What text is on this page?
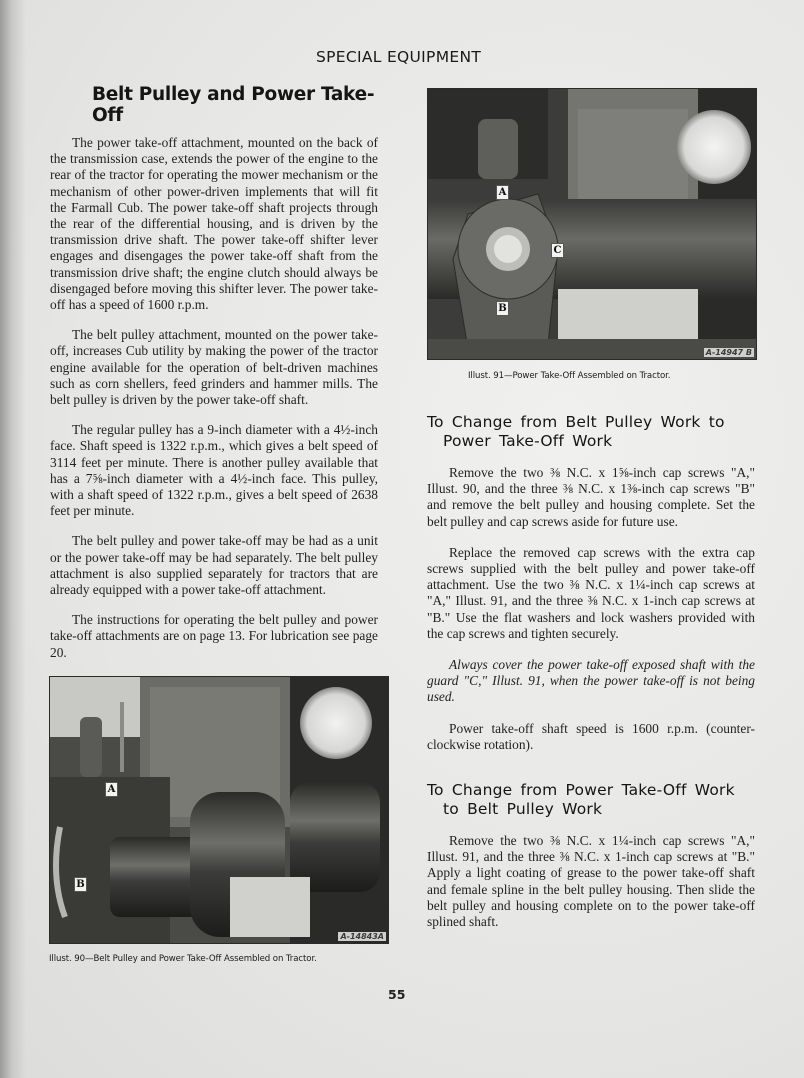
SPECIAL EQUIPMENT
Belt Pulley and Power Take-Off

The power take-off attachment, mounted on the back of the transmission case, extends the power of the engine to the rear of the tractor for operating the mower mechanism or the mechanism of other power-driven implements that will fit the Farmall Cub. The power take-off shaft projects through the rear of the differential housing, and is driven by the transmission drive shaft. The power take-off shifter lever engages and disengages the power take-off shaft from the transmission drive shaft; the engine clutch should always be disengaged before moving this shifter lever. The power take-off has a speed of 1600 r.p.m.

The belt pulley attachment, mounted on the power take-off, increases Cub utility by making the power of the tractor engine available for the operation of belt-driven machines such as corn shellers, feed grinders and hammer mills. The belt pulley is driven by the power take-off shaft.

The regular pulley has a 9-inch diameter with a 4½-inch face. Shaft speed is 1322 r.p.m., which gives a belt speed of 3114 feet per minute. There is another pulley available that has a 7⅝-inch diameter with a 4½-inch face. This pulley, with a shaft speed of 1322 r.p.m., gives a belt speed of 2638 feet per minute.

The belt pulley and power take-off may be had as a unit or the power take-off may be had separately. The belt pulley attachment is also supplied separately for tractors that are already equipped with a power take-off attachment.

The instructions for operating the belt pulley and power take-off attachments are on page 13. For lubrication see page 20.

A
B
A-14843A
Illust. 90—Belt Pulley and Power Take-Off Assembled on Tractor.
A
B
C
A-14947 B
Illust. 91—Power Take-Off Assembled on Tractor.
To Change from Belt Pulley Work to Power Take-Off Work

Remove the two ⅜ N.C. x 1⅝-inch cap screws "A," Illust. 90, and the three ⅜ N.C. x 1⅜-inch cap screws "B" and remove the belt pulley and housing complete. Set the belt pulley and cap screws aside for future use.

Replace the removed cap screws with the extra cap screws supplied with the belt pulley and power take-off attachment. Use the two ⅜ N.C. x 1¼-inch cap screws at "A," Illust. 91, and the three ⅜ N.C. x 1-inch cap screws at "B." Use the flat washers and lock washers provided with the cap screws and tighten securely.

Always cover the power take-off exposed shaft with the guard "C," Illust. 91, when the power take-off is not being used.

Power take-off shaft speed is 1600 r.p.m. (counter-clockwise rotation).

To Change from Power Take-Off Work to Belt Pulley Work

Remove the two ⅜ N.C. x 1¼-inch cap screws "A," Illust. 91, and the three ⅜ N.C. x 1-inch cap screws at "B." Apply a light coating of grease to the power take-off shaft and female spline in the belt pulley housing. Then slide the belt pulley and housing complete on to the power take-off splined shaft.

55
